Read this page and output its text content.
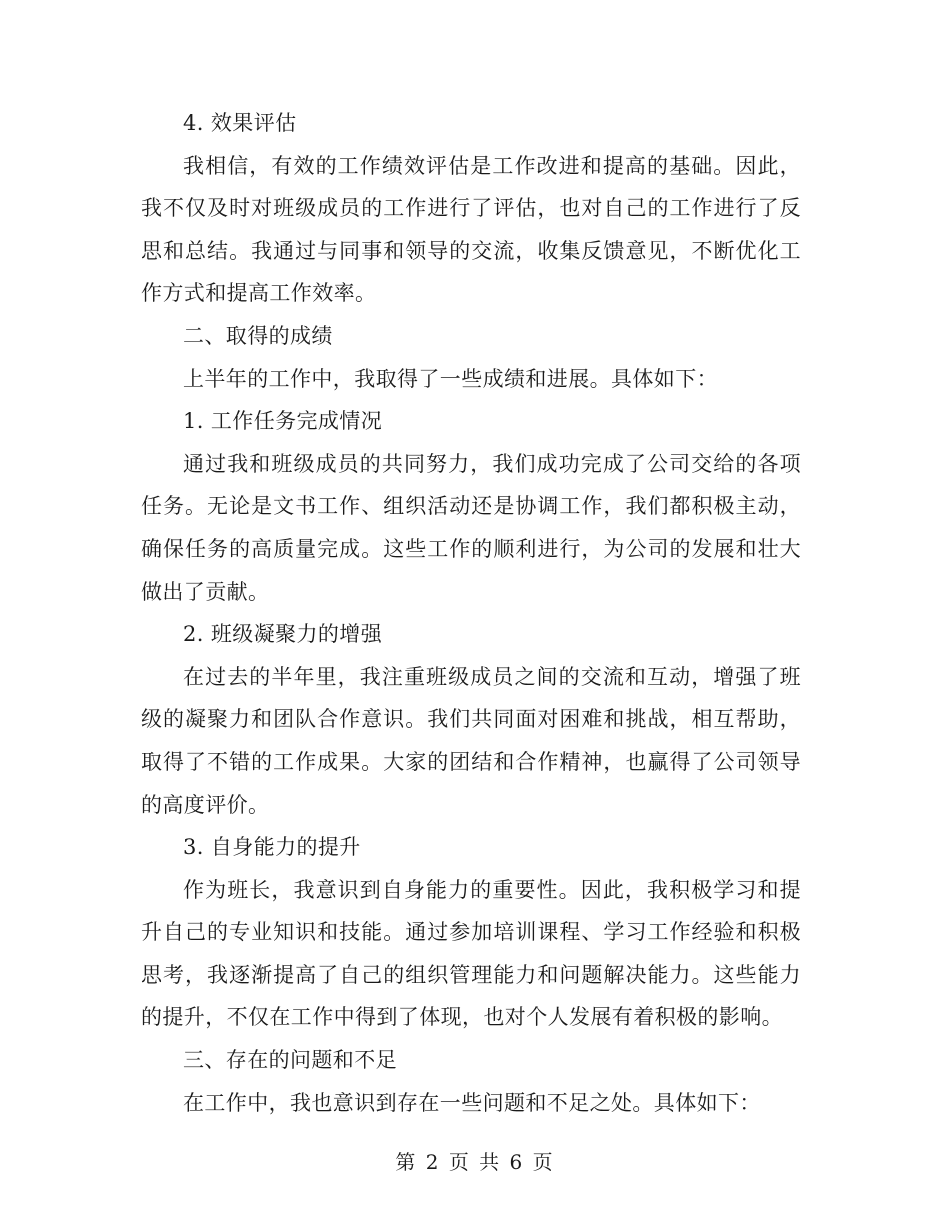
4. 效果评估

我相信，有效的工作绩效评估是工作改进和提高的基础。因此，我不仅及时对班级成员的工作进行了评估，也对自己的工作进行了反思和总结。我通过与同事和领导的交流，收集反馈意见，不断优化工作方式和提高工作效率。

二、取得的成绩

上半年的工作中，我取得了一些成绩和进展。具体如下：

1. 工作任务完成情况

通过我和班级成员的共同努力，我们成功完成了公司交给的各项任务。无论是文书工作、组织活动还是协调工作，我们都积极主动，确保任务的高质量完成。这些工作的顺利进行，为公司的发展和壮大做出了贡献。

2. 班级凝聚力的增强

在过去的半年里，我注重班级成员之间的交流和互动，增强了班级的凝聚力和团队合作意识。我们共同面对困难和挑战，相互帮助，取得了不错的工作成果。大家的团结和合作精神，也赢得了公司领导的高度评价。

3. 自身能力的提升

作为班长，我意识到自身能力的重要性。因此，我积极学习和提升自己的专业知识和技能。通过参加培训课程、学习工作经验和积极思考，我逐渐提高了自己的组织管理能力和问题解决能力。这些能力的提升，不仅在工作中得到了体现，也对个人发展有着积极的影响。

三、存在的问题和不足

在工作中，我也意识到存在一些问题和不足之处。具体如下：

第 2 页 共 6 页
